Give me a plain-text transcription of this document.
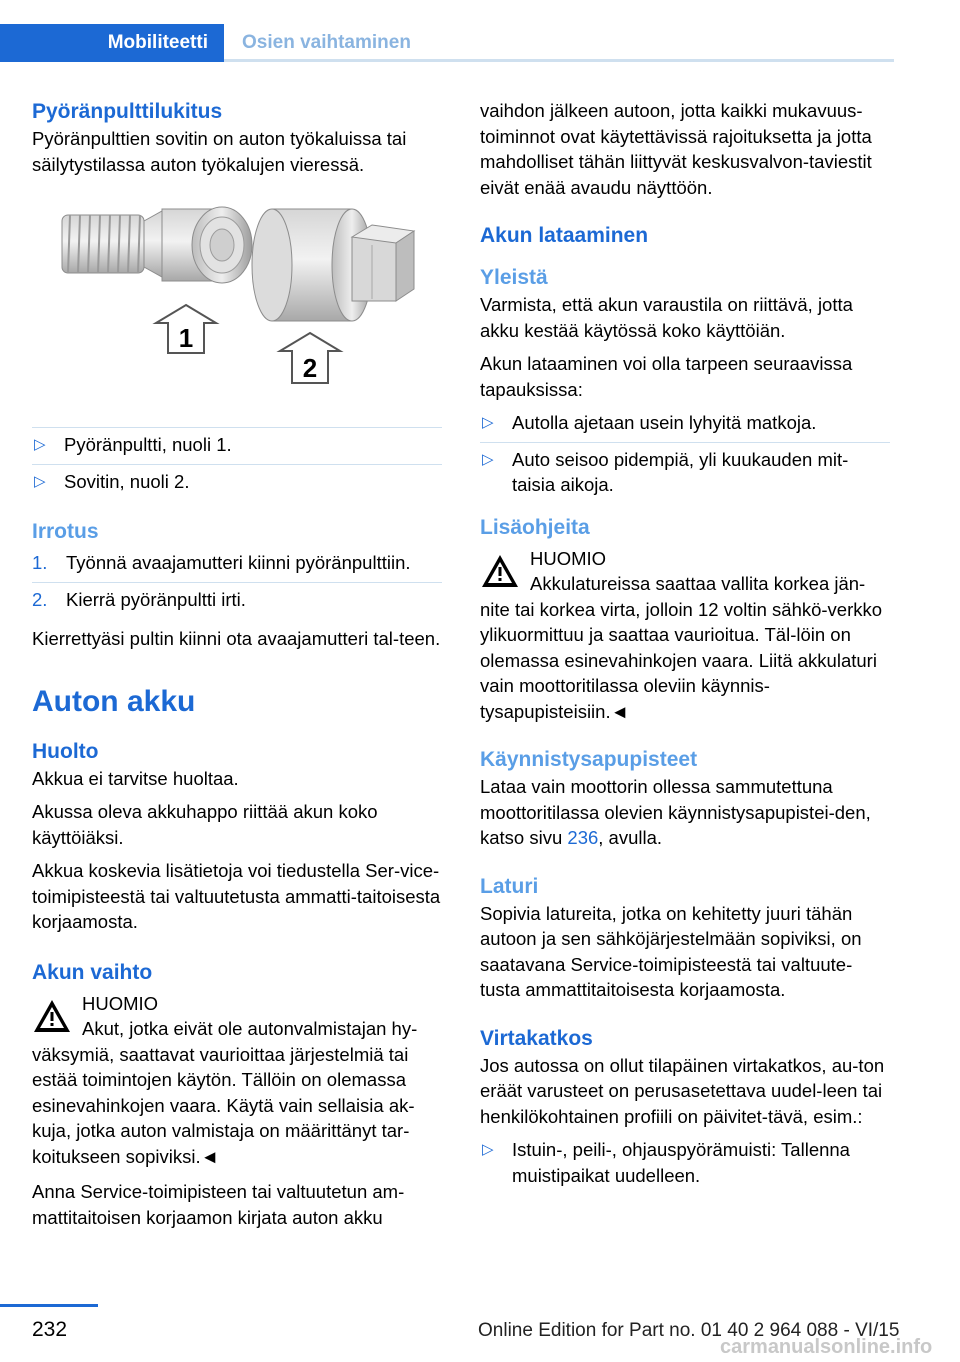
Mobiliteetti	Osien vaihtaminen
Pyöränpulttilukitus

Pyöränpulttien sovitin on auton työkaluissa tai säilytystilassa auton työkalujen vieressä.

1
2
▷ Pyöränpultti, nuoli 1.
▷ Sovitin, nuoli 2.
Irrotus
1. Työnnä avaajamutteri kiinni pyöränpulttiin.
2. Kierrä pyöränpultti irti.

Kierrettyäsi pultin kiinni ota avaajamutteri tal-teen.

Auton akku
Huolto

Akkua ei tarvitse huoltaa.

Akussa oleva akkuhappo riittää akun koko käyttöiäksi.

Akkua koskevia lisätietoja voi tiedustella Ser-vice-toimipisteestä tai valtuutetusta ammatti-taitoisesta korjaamosta.

Akun vaihto
HUOMIO
Akut, jotka eivät ole autonvalmistajan hy-väksymiä, saattavat vaurioittaa järjestelmiä tai estää toimintojen käytön. Tällöin on olemassa esinevahinkojen vaara. Käytä vain sellaisia ak-kuja, jotka auton valmistaja on määrittänyt tar-koitukseen sopiviksi.◄

Anna Service-toimipisteen tai valtuutetun am-mattitaitoisen korjaamon kirjata auton akku

vaihdon jälkeen autoon, jotta kaikki mukavuus-toiminnot ovat käytettävissä rajoituksetta ja jotta mahdolliset tähän liittyvät keskusvalvon-taviestit eivät enää avaudu näyttöön.

Akun lataaminen
Yleistä

Varmista, että akun varaustila on riittävä, jotta akku kestää käytössä koko käyttöiän.

Akun lataaminen voi olla tarpeen seuraavissa tapauksissa:

▷ Autolla ajetaan usein lyhyitä matkoja.
▷ Auto seisoo pidempiä, yli kuukauden mit-taisia aikoja.
Lisäohjeita
HUOMIO
Akkulatureissa saattaa vallita korkea jän-nite tai korkea virta, jolloin 12 voltin sähkö-verkko ylikuormittuu ja saattaa vaurioitua. Täl-löin on olemassa esinevahinkojen vaara. Liitä akkulaturi vain moottoritilassa oleviin käynnis-tysapupisteisiin.◄
Käynnistysapupisteet

Lataa vain moottorin ollessa sammutettuna moottoritilassa olevien käynnistysapupistei-den, katso sivu 236, avulla.

Laturi

Sopivia latureita, jotka on kehitetty juuri tähän autoon ja sen sähköjärjestelmään sopiviksi, on saatavana Service-toimipisteestä tai valtuute-tusta ammattitaitoisesta korjaamosta.

Virtakatkos

Jos autossa on ollut tilapäinen virtakatkos, au-ton eräät varusteet on perusasetettava uudel-leen tai henkilökohtainen profiili on päivitet-tävä, esim.:

▷ Istuin-, peili-, ohjauspyörämuisti: Tallenna muistipaikat uudelleen.
232	Online Edition for Part no. 01 40 2 964 088 - VI/15
carmanualsonline.info
